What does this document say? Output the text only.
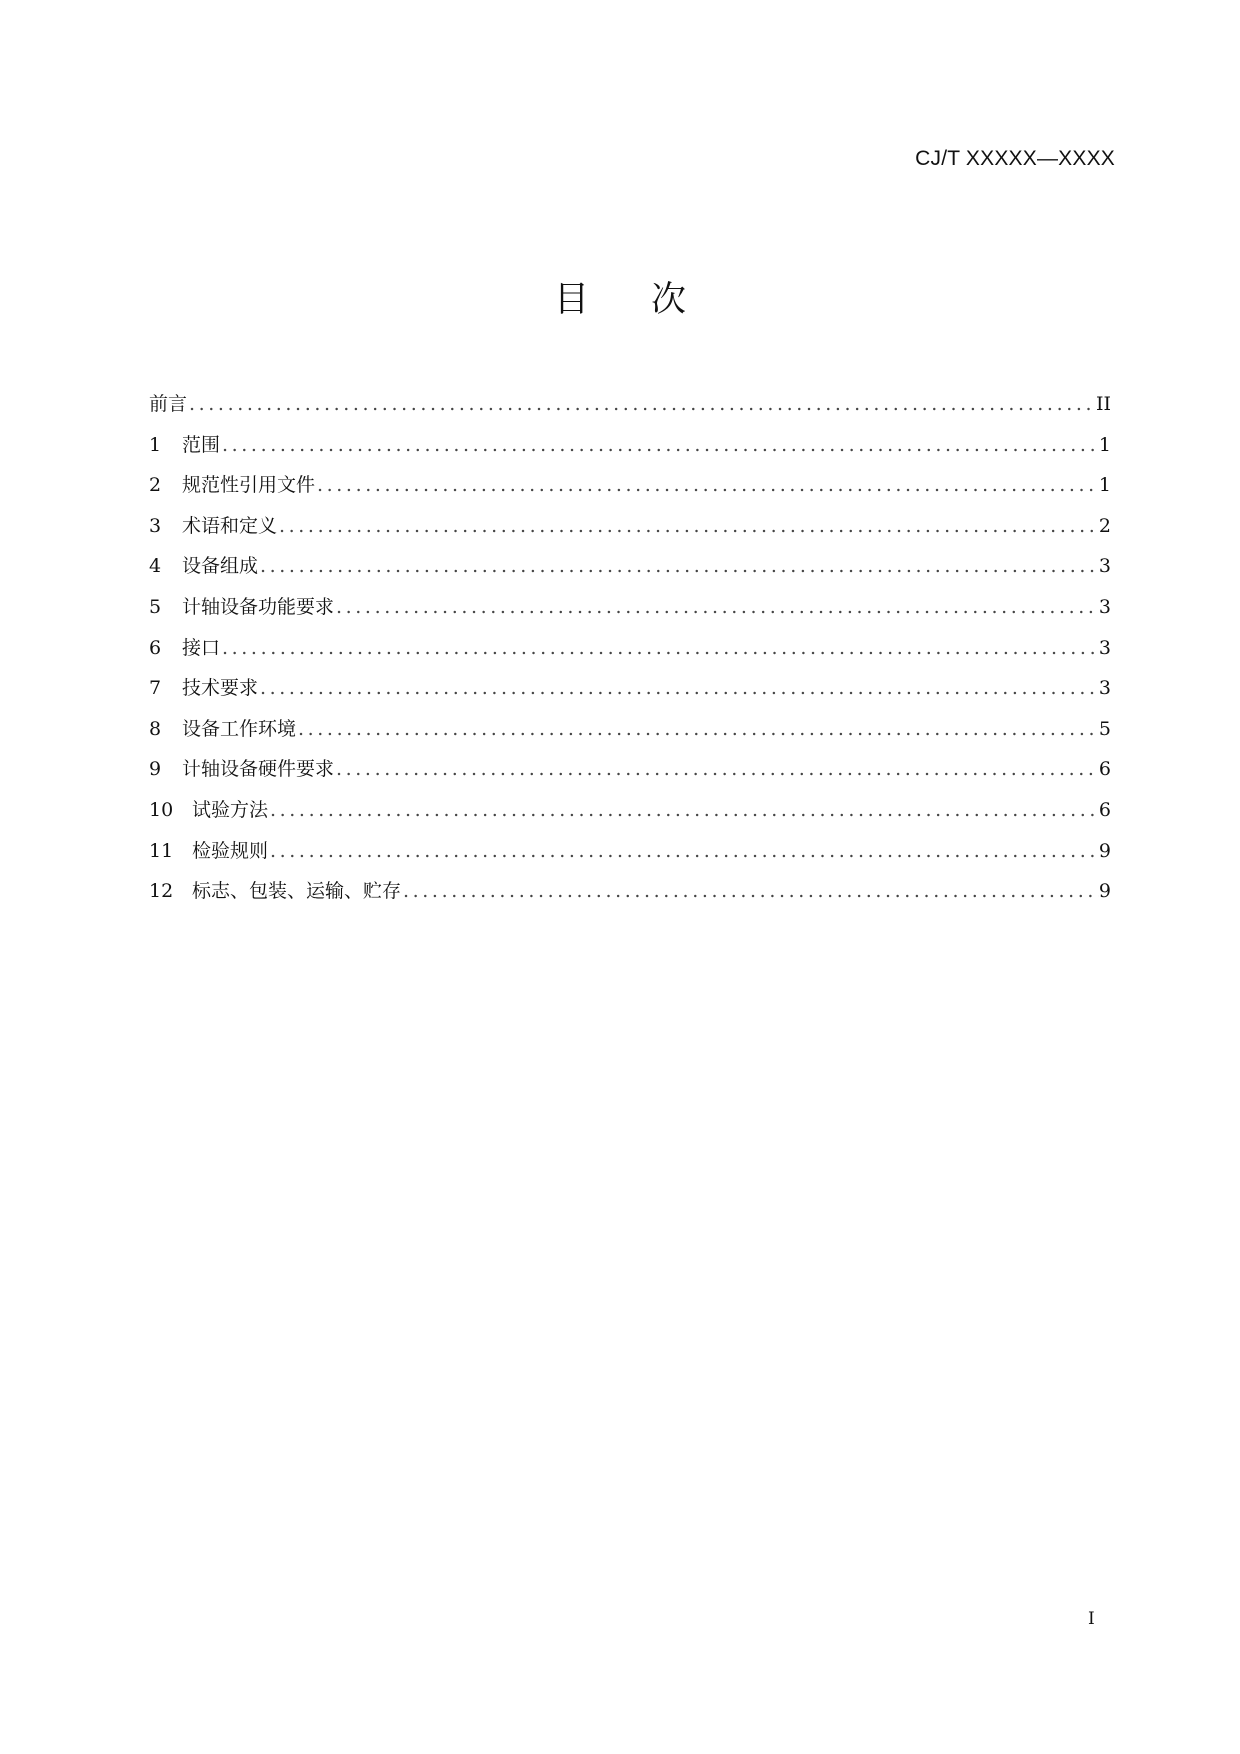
CJ/T XXXXX—XXXX
目次
前言 .....	II
1	范围 .....	1
2	规范性引用文件 .....	1
3	术语和定义 .....	2
4	设备组成 .....	3
5	计轴设备功能要求 .....	3
6	接口 .....	3
7	技术要求 .....	3
8	设备工作环境 .....	5
9	计轴设备硬件要求 .....	6
10 试验方法 .....	6
11 检验规则 .....	9
12 标志、包装、运输、贮存 .....	9
I
